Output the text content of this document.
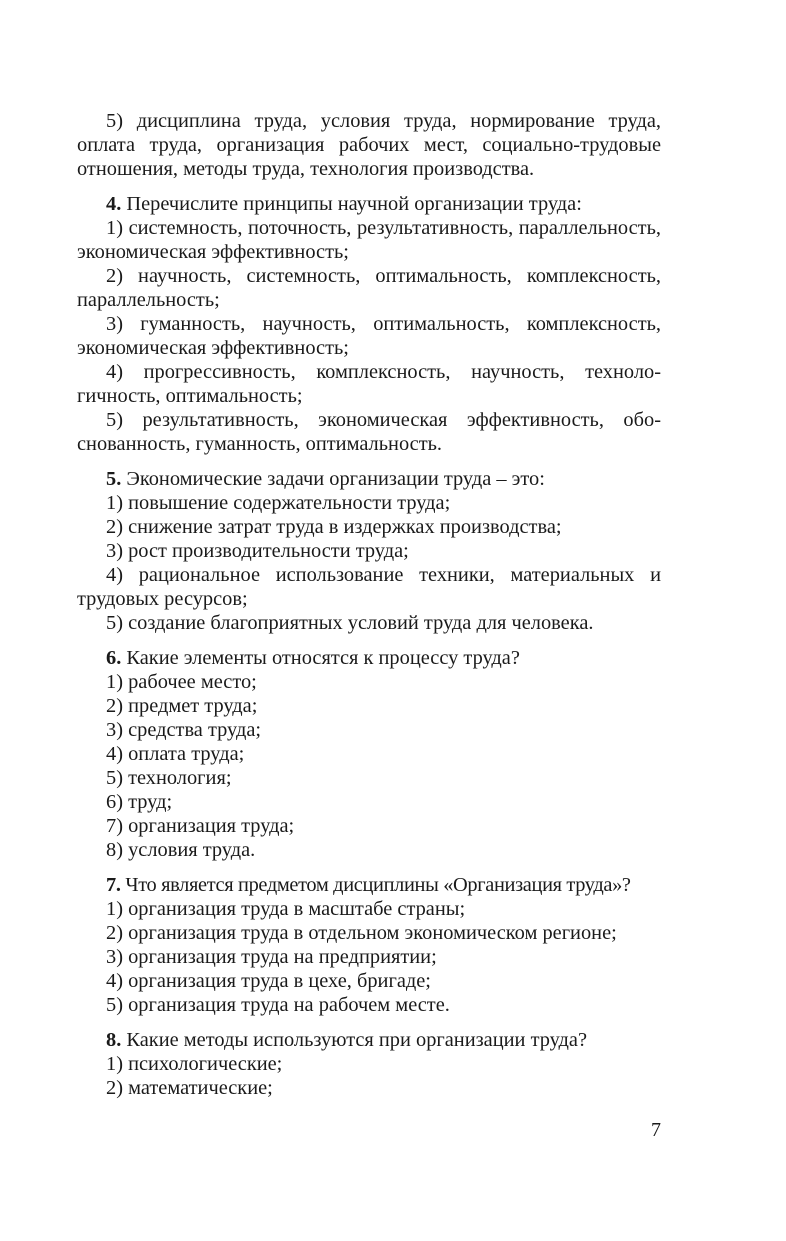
5) дисциплина труда, условия труда, нормирование труда, оплата труда, организация рабочих мест, социально-трудовые отношения, методы труда, технология производства.

4. Перечислите принципы научной организации труда:

1) системность, поточность, результативность, параллельность, экономическая эффективность;

2) научность, системность, оптимальность, комплексность, параллельность;

3) гуманность, научность, оптимальность, комплексность, экономическая эффективность;

4) прогрессивность, комплексность, научность, технологичность, оптимальность;

5) результативность, экономическая эффективность, обоснованность, гуманность, оптимальность.

5. Экономические задачи организации труда – это:

1) повышение содержательности труда;

2) снижение затрат труда в издержках производства;

3) рост производительности труда;

4) рациональное использование техники, материальных и трудовых ресурсов;

5) создание благоприятных условий труда для человека.

6. Какие элементы относятся к процессу труда?

1) рабочее место;

2) предмет труда;

3) средства труда;

4) оплата труда;

5) технология;

6) труд;

7) организация труда;

8) условия труда.

7. Что является предметом дисциплины «Организация труда»?

1) организация труда в масштабе страны;

2) организация труда в отдельном экономическом регионе;

3) организация труда на предприятии;

4) организация труда в цехе, бригаде;

5) организация труда на рабочем месте.

8. Какие методы используются при организации труда?

1) психологические;

2) математические;

7
